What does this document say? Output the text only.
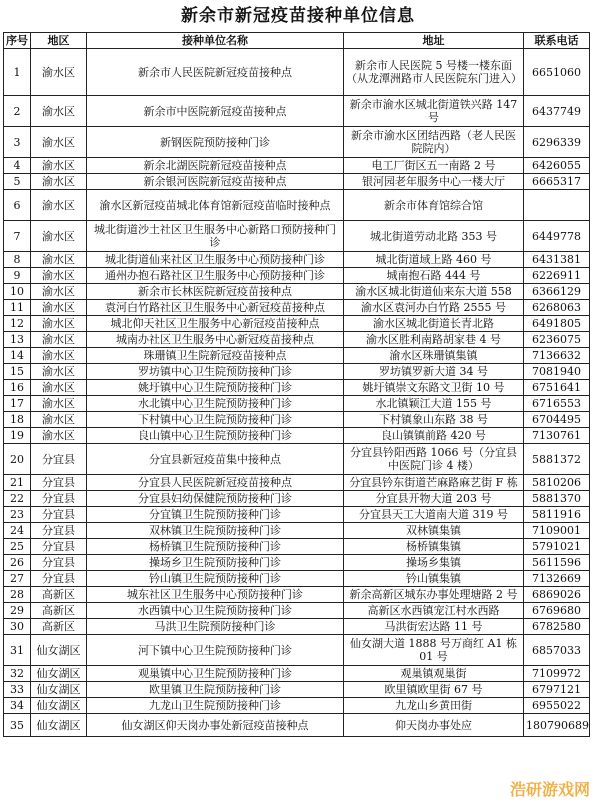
新余市新冠疫苗接种单位信息
序号	地区	接种单位名称	地址	联系电话
1	渝水区	新余市人民医院新冠疫苗接种点	新余市人民医院 5 号楼一楼东面（从龙潭洲路市人民医院东门进入）	6651060
2	渝水区	新余市中医院新冠疫苗接种点	新余市渝水区城北街道铁兴路 147 号	6437749
3	渝水区	新钢医院预防接种门诊	新余市渝水区团结西路（老人民医院院内）	6296339
4	渝水区	新余北湖医院新冠疫苗接种点	电工厂街区五一南路 2 号	6426055
5	渝水区	新余银河医院新冠疫苗接种点	银河园老年服务中心一楼大厅	6665317
6	渝水区	渝水区新冠疫苗城北体育馆新冠疫苗临时接种点	新余市体育馆综合馆	
7	渝水区	城北街道沙土社区卫生服务中心新路口预防接种门诊	城北街道劳动北路 353 号	6449778
8	渝水区	城北街道仙来社区卫生服务中心预防接种门诊	城北街道域上路 460 号	6431381
9	渝水区	通州办抱石路社区卫生服务中心预防接种门诊	城南抱石路 444 号	6226911
10	渝水区	新余市长林医院新冠疫苗接种点	渝水区城北街道仙来东大道 558	6366129
11	渝水区	袁河白竹路社区卫生服务中心新冠疫苗接种点	渝水区袁河办白竹路 2555 号	6268063
12	渝水区	城北仰天社区卫生服务中心新冠疫苗接种点	渝水区城北街道长青北路	6491805
13	渝水区	城南办社区卫生服务中心新冠疫苗接种点	渝水区胜利南路胡家巷 4 号	6236075
14	渝水区	珠珊镇卫生院新冠疫苗接种点	渝水区珠珊镇集镇	7136632
15	渝水区	罗坊镇中心卫生院预防接种门诊	罗坊镇罗新大道 34 号	7081940
16	渝水区	姚圩镇中心卫生院预防接种门诊	姚圩镇崇文东路文卫街 10 号	6751641
17	渝水区	水北镇中心卫生院预防接种门诊	水北镇颖江大道 155 号	6716553
18	渝水区	下村镇中心卫生院预防接种门诊	下村镇象山东路 38 号	6704495
19	渝水区	良山镇中心卫生院预防接种门诊	良山镇镇前路 420 号	7130761
20	分宜县	分宜县新冠疫苗集中接种点	分宜县钤阳西路 1066 号（分宜县中医院门诊 4 楼）	5881372
21	分宜县	分宜县人民医院新冠疫苗接种点	分宜县钤东街道芒麻路麻艺街 F 栋	5810206
22	分宜县	分宜县妇幼保健院预防接种门诊	分宜县开物大道 203 号	5881370
23	分宜县	分宜镇卫生院预防接种门诊	分宜县天工大道南大道 319 号	5811916
24	分宜县	双林镇卫生院预防接种门诊	双林镇集镇	7109001
25	分宜县	杨桥镇卫生院预防接种门诊	杨桥镇集镇	5791021
26	分宜县	操场乡卫生院预防接种门诊	操场乡集镇	5611596
27	分宜县	钤山镇卫生院预防接种门诊	钤山镇集镇	7132669
28	高新区	城东社区卫生服务中心预防接种门诊	新余高新区城东办事处理塘路 2 号	6869026
29	高新区	水西镇中心卫生院预防接种门诊	高新区水西镇宠江村水西路	6769680
30	高新区	马洪卫生院预防接种门诊	马洪街宏达路 11 号	6782580
31	仙女湖区	河下镇中心卫生院预防接种门诊	仙女湖大道 1888 号万商红 A1 栋 01 号	6857033
32	仙女湖区	观巢镇中心卫生院预防接种门诊	观巢镇观巢街	7109972
33	仙女湖区	欧里镇卫生院预防接种门诊	欧里镇欧里街 67 号	6797121
34	仙女湖区	九龙山卫生院预防接种门诊	九龙山乡黄田街	6955022
35	仙女湖区	仙女湖区仰天岗办事处新冠疫苗接种点	仰天岗办事处应	180790689
浩研游戏网
